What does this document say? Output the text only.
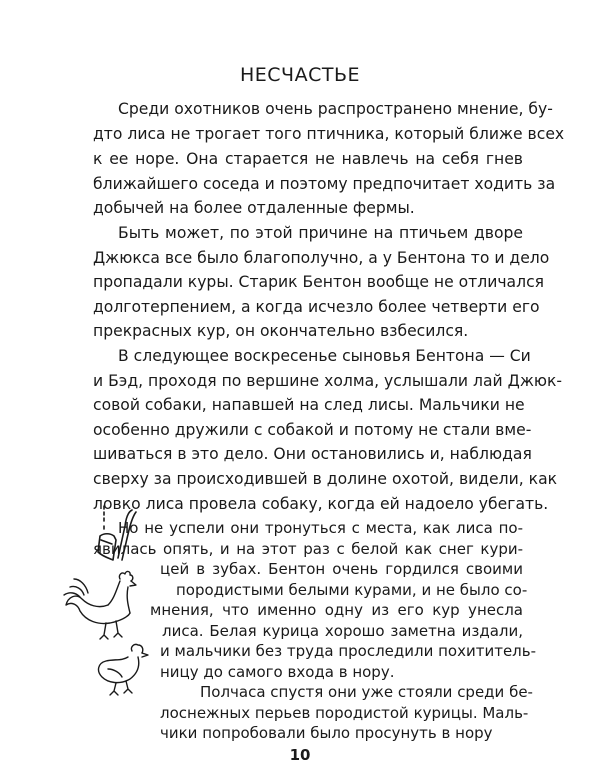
НЕСЧАСТЬЕ
Среди охотников очень распространено мнение, бу-
дто лиса не трогает того птичника, который ближе всех
к ее норе. Она старается не навлечь на себя гнев
ближайшего соседа и поэтому предпочитает ходить за
добычей на более отдаленные фермы.
Быть может, по этой причине на птичьем дворе
Джюкса все было благополучно, а у Бентона то и дело
пропадали куры. Старик Бентон вообще не отличался
долготерпением, а когда исчезло более четверти его
прекрасных кур, он окончательно взбесился.
В следующее воскресенье сыновья Бентона — Си
и Бэд, проходя по вершине холма, услышали лай Джюк-
совой собаки, напавшей на след лисы. Мальчики не
особенно дружили с собакой и потому не стали вме-
шиваться в это дело. Они остановились и, наблюдая
сверху за происходившей в долине охотой, видели, как
ловко лиса провела собаку, когда ей надоело убегать.
Но не успели они тронуться с места, как лиса по-
явилась опять, и на этот раз с белой как снег кури-
цей в зубах. Бентон очень гордился своими
породистыми белыми курами, и не было со-
мнения, что именно одну из его кур унесла
лиса. Белая курица хорошо заметна издали,
и мальчики без труда проследили похититель-
ницу до самого входа в нору.
Полчаса спустя они уже стояли среди бе-
лоснежных перьев породистой курицы. Маль-
чики попробовали было просунуть в нору
10
